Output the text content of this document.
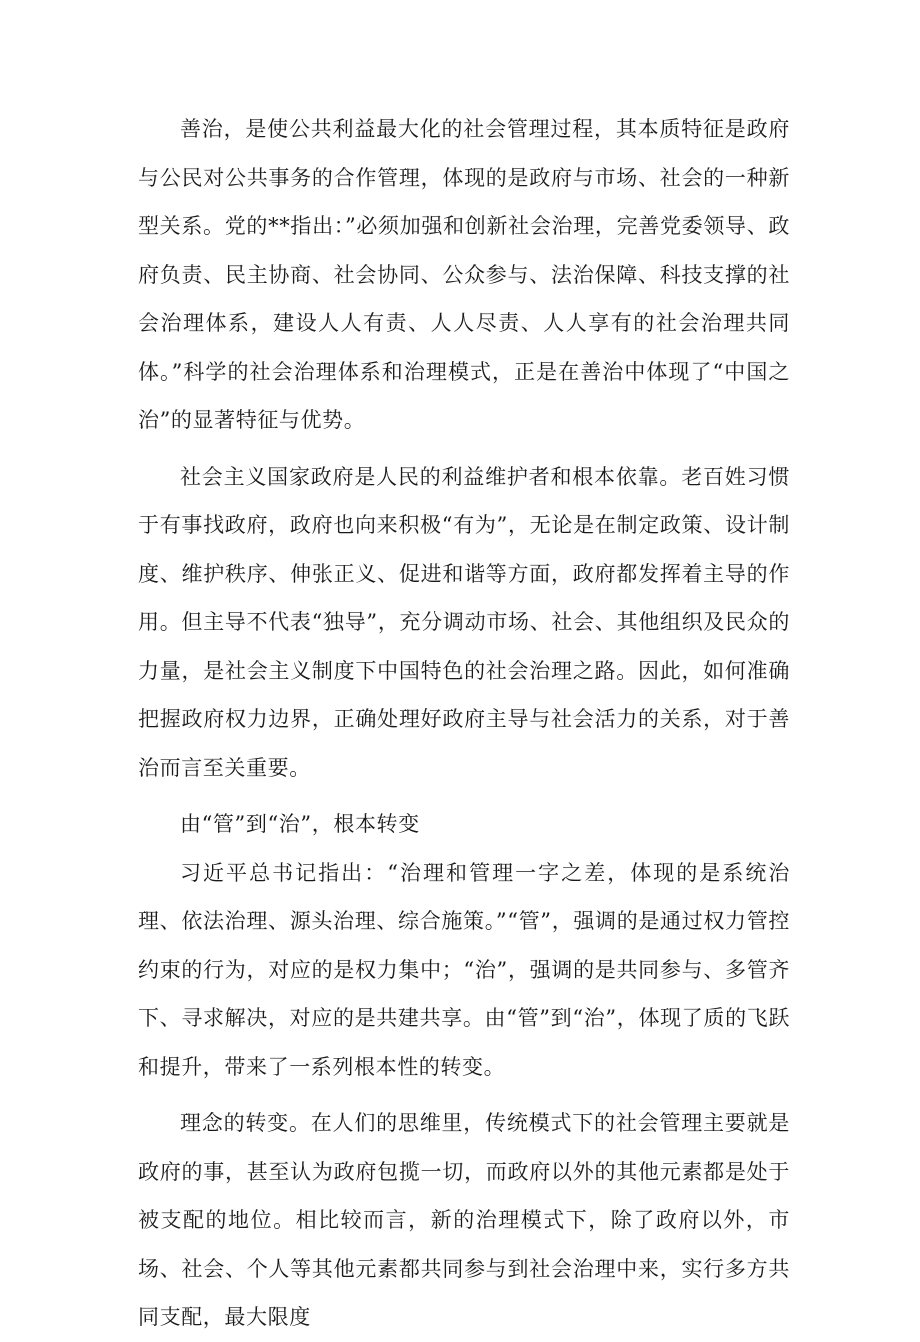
善治，是使公共利益最大化的社会管理过程，其本质特征是政府与公民对公共事务的合作管理，体现的是政府与市场、社会的一种新型关系。党的**指出：”必须加强和创新社会治理，完善党委领导、政府负责、民主协商、社会协同、公众参与、法治保障、科技支撑的社会治理体系，建设人人有责、人人尽责、人人享有的社会治理共同体。”科学的社会治理体系和治理模式，正是在善治中体现了“中国之治”的显著特征与优势。

社会主义国家政府是人民的利益维护者和根本依靠。老百姓习惯于有事找政府，政府也向来积极“有为”，无论是在制定政策、设计制度、维护秩序、伸张正义、促进和谐等方面，政府都发挥着主导的作用。但主导不代表“独导”，充分调动市场、社会、其他组织及民众的力量，是社会主义制度下中国特色的社会治理之路。因此，如何准确把握政府权力边界，正确处理好政府主导与社会活力的关系，对于善治而言至关重要。

由“管”到“治”，根本转变

习近平总书记指出：“治理和管理一字之差，体现的是系统治理、依法治理、源头治理、综合施策。”“管”，强调的是通过权力管控约束的行为，对应的是权力集中；“治”，强调的是共同参与、多管齐下、寻求解决，对应的是共建共享。由“管”到“治”，体现了质的飞跃和提升，带来了一系列根本性的转变。

理念的转变。在人们的思维里，传统模式下的社会管理主要就是政府的事，甚至认为政府包揽一切，而政府以外的其他元素都是处于被支配的地位。相比较而言，新的治理模式下，除了政府以外，市场、社会、个人等其他元素都共同参与到社会治理中来，实行多方共同支配，最大限度
